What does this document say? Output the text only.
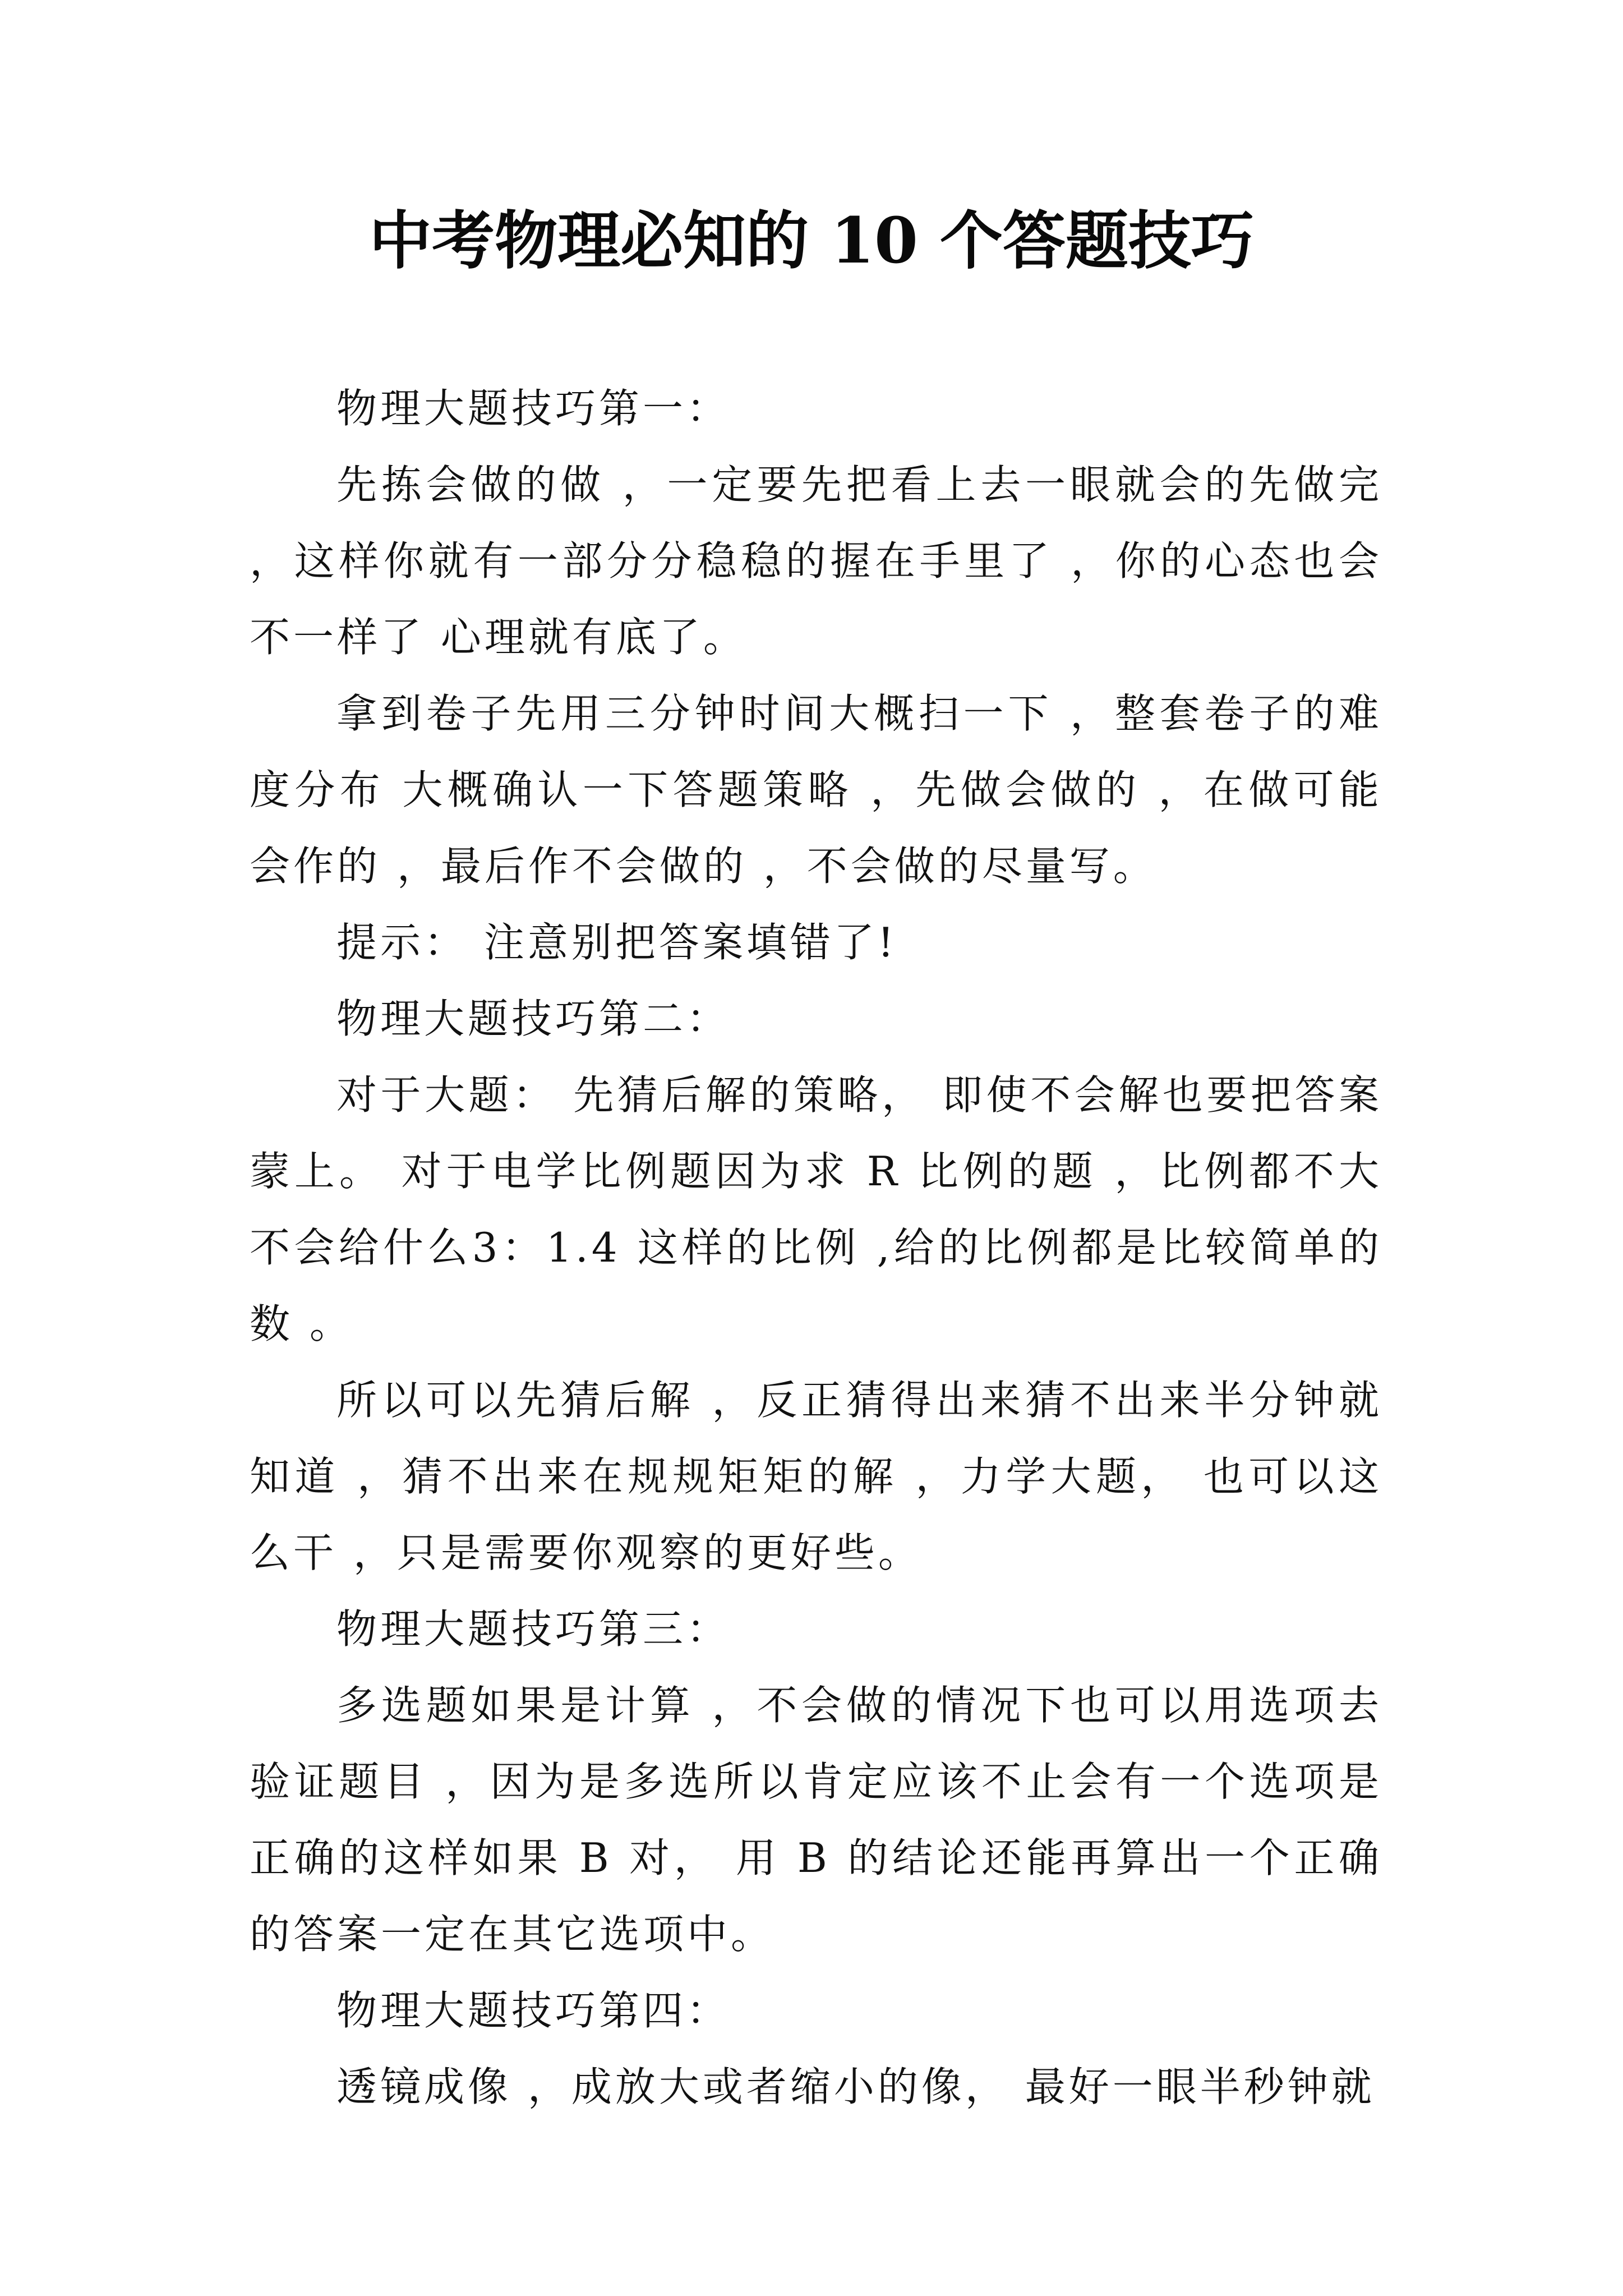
中考物理必知的 10 个答题技巧

物理大题技巧第一：

先拣会做的做 ，一定要先把看上去一眼就会的先做完 ，这样你就有一部分分稳稳的握在手里了 ，你的心态也会不一样了 心理就有底了。

拿到卷子先用三分钟时间大概扫一下 ，整套卷子的难度分布 大概确认一下答题策略 ，先做会做的 ，在做可能会作的 ，最后作不会做的 ，不会做的尽量写。

提示： 注意别把答案填错了!

物理大题技巧第二：

对于大题： 先猜后解的策略， 即使不会解也要把答案蒙上。 对于电学比例题因为求 R 比例的题 ，比例都不大不会给什么3：1.4 这样的比例 ,给的比例都是比较简单的数 。

所以可以先猜后解 ，反正猜得出来猜不出来半分钟就知道 ，猜不出来在规规矩矩的解 ，力学大题， 也可以这么干 ，只是需要你观察的更好些。

物理大题技巧第三：

多选题如果是计算 ，不会做的情况下也可以用选项去验证题目 ，因为是多选所以肯定应该不止会有一个选项是正确的这样如果 B 对， 用 B 的结论还能再算出一个正确的答案一定在其它选项中。

物理大题技巧第四：

透镜成像 ，成放大或者缩小的像， 最好一眼半秒钟就
